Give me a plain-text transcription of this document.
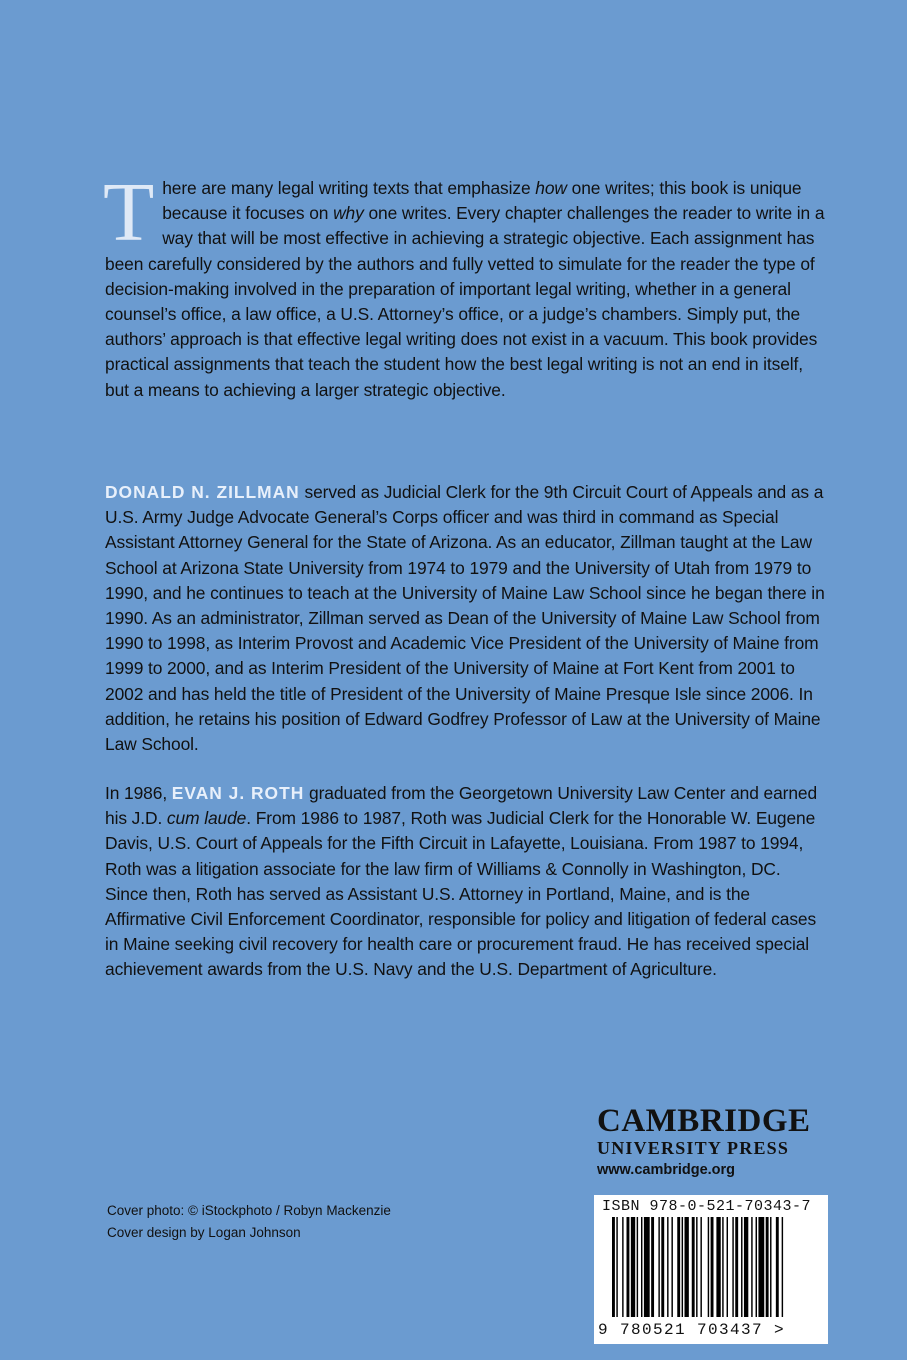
There are many legal writing texts that emphasize how one writes; this book is unique because it focuses on why one writes. Every chapter challenges the reader to write in a way that will be most effective in achieving a strategic objective. Each assignment has been carefully considered by the authors and fully vetted to simulate for the reader the type of decision-making involved in the preparation of important legal writing, whether in a general counsel’s office, a law office, a U.S. Attorney’s office, or a judge’s chambers. Simply put, the authors’ approach is that effective legal writing does not exist in a vacuum. This book provides practical assignments that teach the student how the best legal writing is not an end in itself, but a means to achieving a larger strategic objective.
DONALD N. ZILLMAN served as Judicial Clerk for the 9th Circuit Court of Appeals and as a U.S. Army Judge Advocate General’s Corps officer and was third in command as Special Assistant Attorney General for the State of Arizona. As an educator, Zillman taught at the Law School at Arizona State University from 1974 to 1979 and the University of Utah from 1979 to 1990, and he continues to teach at the University of Maine Law School since he began there in 1990. As an administrator, Zillman served as Dean of the University of Maine Law School from 1990 to 1998, as Interim Provost and Academic Vice President of the University of Maine from 1999 to 2000, and as Interim President of the University of Maine at Fort Kent from 2001 to 2002 and has held the title of President of the University of Maine Presque Isle since 2006. In addition, he retains his position of Edward Godfrey Professor of Law at the University of Maine Law School.
In 1986, EVAN J. ROTH graduated from the Georgetown University Law Center and earned his J.D. cum laude. From 1986 to 1987, Roth was Judicial Clerk for the Honorable W. Eugene Davis, U.S. Court of Appeals for the Fifth Circuit in Lafayette, Louisiana. From 1987 to 1994, Roth was a litigation associate for the law firm of Williams & Connolly in Washington, DC. Since then, Roth has served as Assistant U.S. Attorney in Portland, Maine, and is the Affirmative Civil Enforcement Coordinator, responsible for policy and litigation of federal cases in Maine seeking civil recovery for health care or procurement fraud. He has received special achievement awards from the U.S. Navy and the U.S. Department of Agriculture.
Cover photo: © iStockphoto / Robyn Mackenzie
Cover design by Logan Johnson
CAMBRIDGE
UNIVERSITY PRESS
www.cambridge.org
ISBN 978-0-521-70343-7
9 780521 703437 >
